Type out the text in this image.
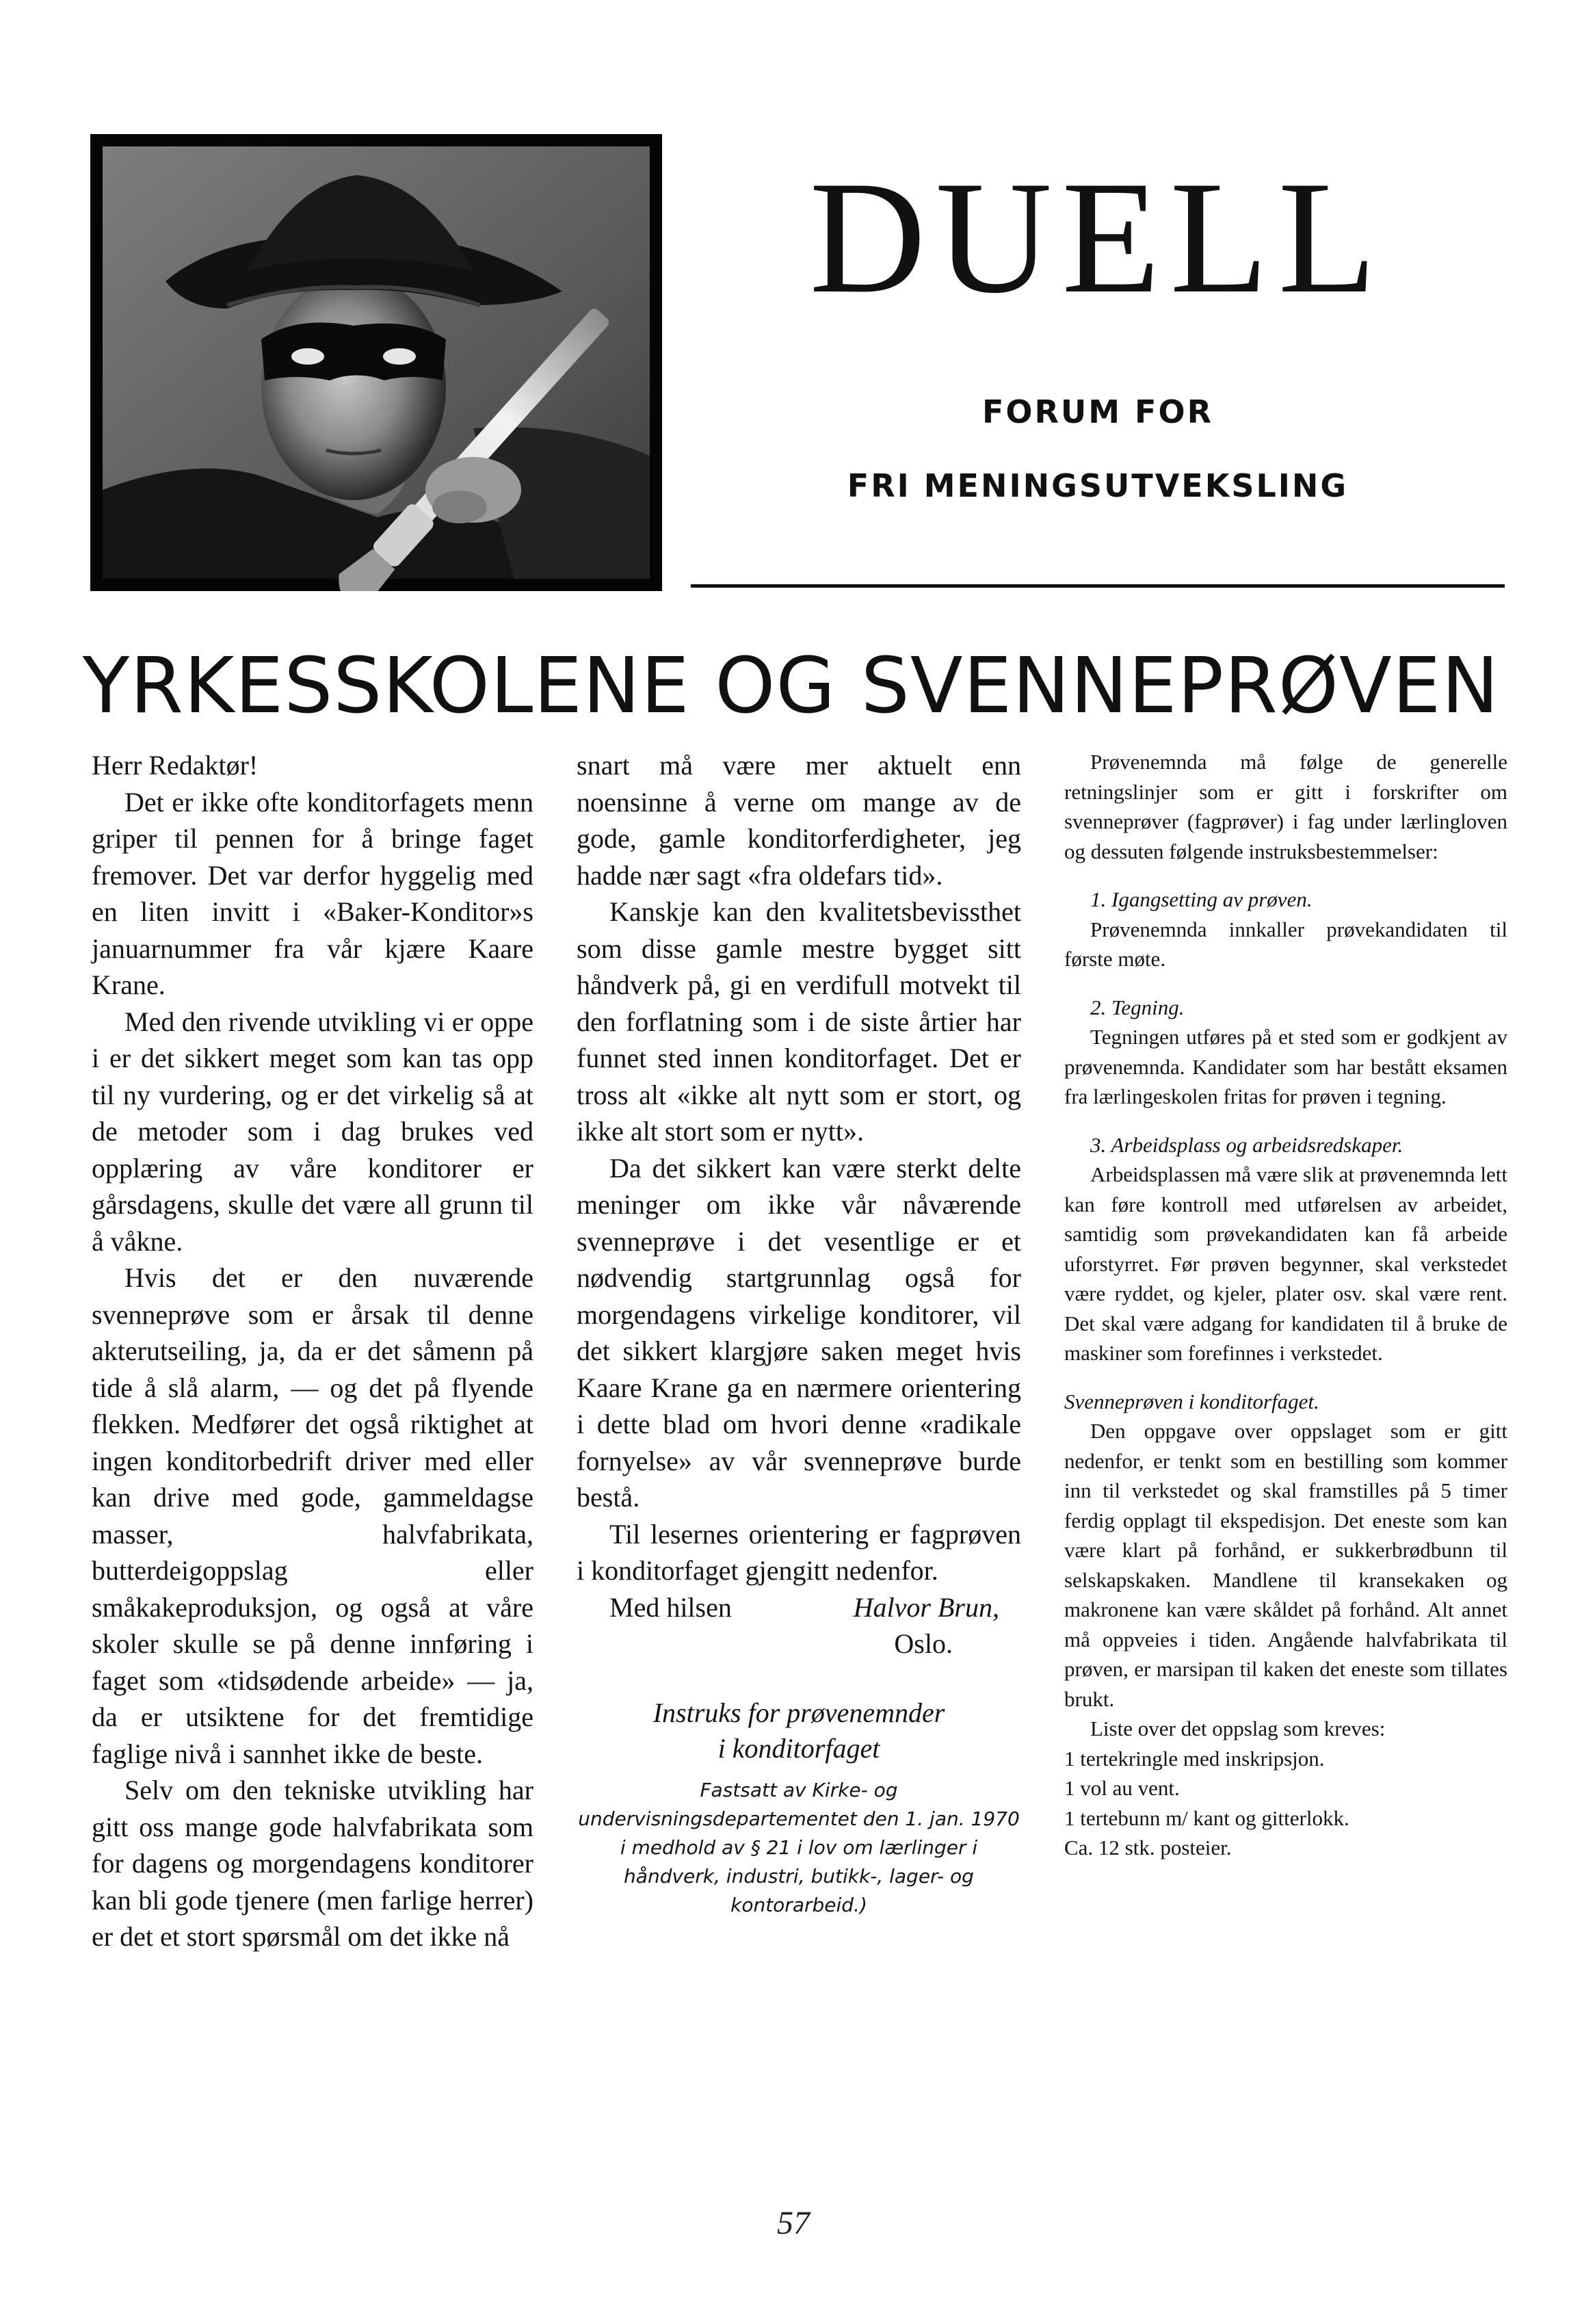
DUELL
FORUM FOR
FRI MENINGSUTVEKSLING
YRKESSKOLENE OG SVENNEPRØVEN

Herr Redaktør!

Det er ikke ofte konditorfagets menn griper til pennen for å bringe faget fremover. Det var derfor hyggelig med en liten invitt i «Baker-Konditor»s januarnummer fra vår kjære Kaare Krane.

Med den rivende utvikling vi er oppe i er det sikkert meget som kan tas opp til ny vurdering, og er det virkelig så at de metoder som i dag brukes ved opplæring av våre konditorer er gårsdagens, skulle det være all grunn til å våkne.

Hvis det er den nuværende svenneprøve som er årsak til denne akterutseiling, ja, da er det såmenn på tide å slå alarm, — og det på flyende flekken. Medfører det også riktighet at ingen konditorbedrift driver med eller kan drive med gode, gammeldagse masser, halvfabrikata, butterdeigoppslag eller småkakeproduksjon, og også at våre skoler skulle se på denne innføring i faget som «tidsødende arbeide» — ja, da er utsiktene for det fremtidige faglige nivå i sannhet ikke de beste.

Selv om den tekniske utvikling har gitt oss mange gode halvfabrikata som for dagens og morgendagens konditorer kan bli gode tjenere (men farlige herrer) er det et stort spørsmål om det ikke nå

snart må være mer aktuelt enn noensinne å verne om mange av de gode, gamle konditorferdigheter, jeg hadde nær sagt «fra oldefars tid».

Kanskje kan den kvalitetsbevissthet som disse gamle mestre bygget sitt håndverk på, gi en verdifull motvekt til den forflatning som i de siste årtier har funnet sted innen konditorfaget. Det er tross alt «ikke alt nytt som er stort, og ikke alt stort som er nytt».

Da det sikkert kan være sterkt delte meninger om ikke vår nåværende svenneprøve i det vesentlige er et nødvendig startgrunnlag også for morgendagens virkelige konditorer, vil det sikkert klargjøre saken meget hvis Kaare Krane ga en nærmere orientering i dette blad om hvori denne «radikale fornyelse» av vår svenneprøve burde bestå.

Til lesernes orientering er fagprøven i konditorfaget gjengitt nedenfor.

Med hilsen	Halvor Brun,
Oslo.
Instruks for prøvenemnder
i konditorfaget
Fastsatt av Kirke- og undervisningsdepartementet den 1. jan. 1970 i medhold av § 21 i lov om lærlinger i håndverk, industri, butikk-, lager- og kontorarbeid.)

Prøvenemnda må følge de generelle retningslinjer som er gitt i forskrifter om svenneprøver (fagprøver) i fag under lærlingloven og dessuten følgende instruksbestemmelser:

1. Igangsetting av prøven.

Prøvenemnda innkaller prøvekandidaten til første møte.

2. Tegning.

Tegningen utføres på et sted som er godkjent av prøvenemnda. Kandidater som har bestått eksamen fra lærlingeskolen fritas for prøven i tegning.

3. Arbeidsplass og arbeidsredskaper.

Arbeidsplassen må være slik at prøvenemnda lett kan føre kontroll med utførelsen av arbeidet, samtidig som prøvekandidaten kan få arbeide uforstyrret. Før prøven begynner, skal verkstedet være ryddet, og kjeler, plater osv. skal være rent. Det skal være adgang for kandidaten til å bruke de maskiner som forefinnes i verkstedet.

Svenneprøven i konditorfaget.

Den oppgave over oppslaget som er gitt nedenfor, er tenkt som en bestilling som kommer inn til verkstedet og skal framstilles på 5 timer ferdig opplagt til ekspedisjon. Det eneste som kan være klart på forhånd, er sukkerbrødbunn til selskapskaken. Mandlene til kransekaken og makronene kan være skåldet på forhånd. Alt annet må oppveies i tiden. Angående halvfabrikata til prøven, er marsipan til kaken det eneste som tillates brukt.

Liste over det oppslag som kreves:

1 tertekringle med inskripsjon.

1 vol au vent.

1 tertebunn m/ kant og gitterlokk.

Ca. 12 stk. posteier.

57
